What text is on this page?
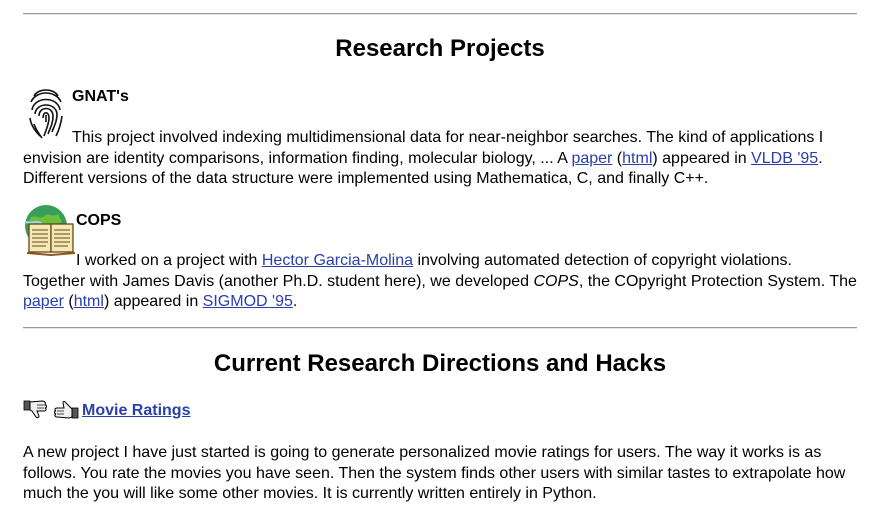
Research Projects
GNAT's

This project involved indexing multidimensional data for near-neighbor searches. The kind of applications I envision are identity comparisons, information finding, molecular biology, ... A paper (html) appeared in VLDB '95. Different versions of the data structure were implemented using Mathematica, C, and finally C++.

COPS

I worked on a project with Hector Garcia-Molina involving automated detection of copyright violations. Together with James Davis (another Ph.D. student here), we developed COPS, the COpyright Protection System. The paper (html) appeared in SIGMOD '95.

Current Research Directions and Hacks
Movie Ratings

A new project I have just started is going to generate personalized movie ratings for users. The way it works is as follows. You rate the movies you have seen. Then the system finds other users with similar tastes to extrapolate how much the you will like some other movies. It is currently written entirely in Python.
